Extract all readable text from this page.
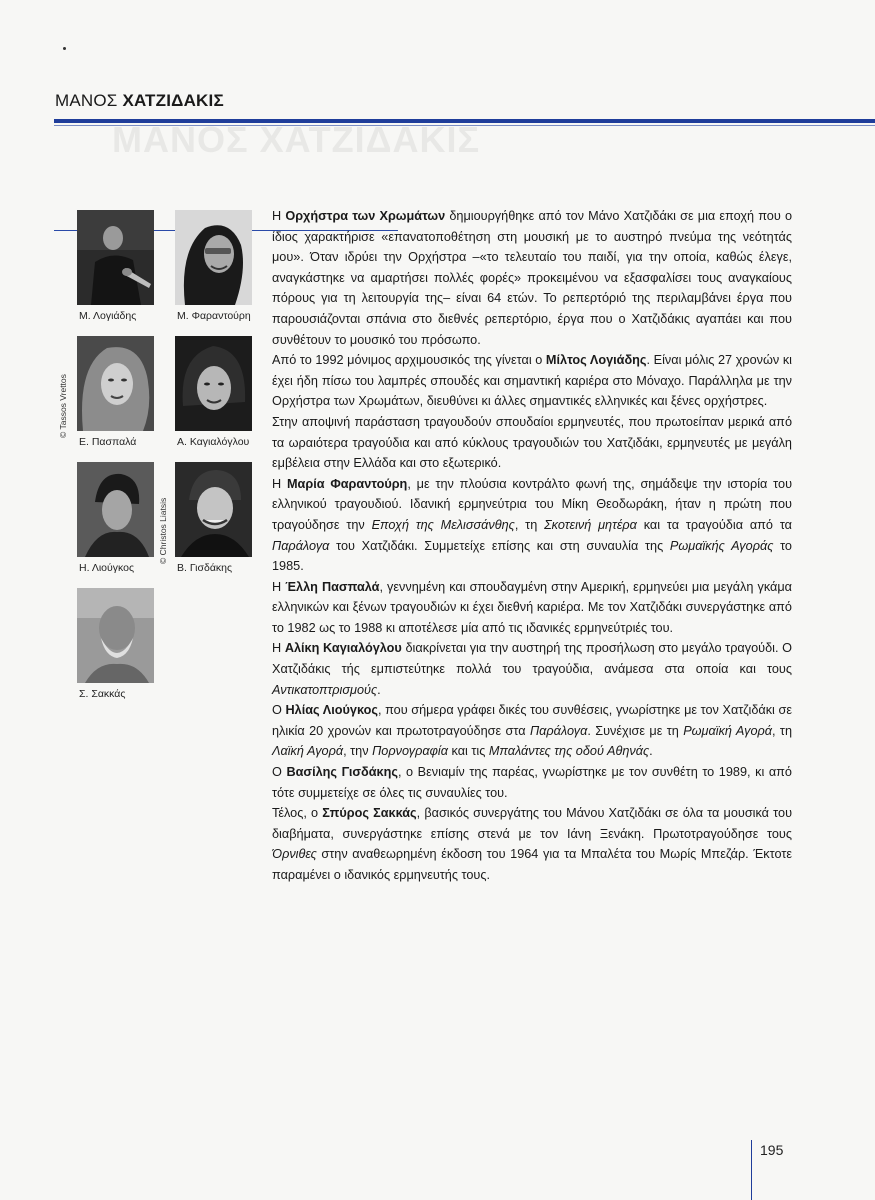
ΜΑΝΟΣ ΧΑΤΖΙΔΑΚΙΣ
ΜΑΝΟΣ ΧΑΤΖΙΔΑΚΙΣ
Μ. Λογιάδης	Μ. Φαραντούρη
Ε. Πασπαλά	Α. Καγιαλόγλου
Η. Λιούγκος	Β. Γισδάκης
Σ. Σακκάς
© Tassos Vrettos
© Christos Liatsis

Η Ορχήστρα των Χρωμάτων δημιουργήθηκε από τον Μάνο Χατζιδάκι σε μια εποχή που ο ίδιος χαρακτήρισε «επανατοποθέτηση στη μουσική με το αυστηρό πνεύμα της νεότητάς μου». Όταν ιδρύει την Ορχήστρα –«το τελευταίο του παιδί, για την οποία, καθώς έλεγε, αναγκάστηκε να αμαρτήσει πολλές φορές» προκειμένου να εξασφαλίσει τους αναγκαίους πόρους για τη λειτουργία της– είναι 64 ετών. Το ρεπερτόριό της περιλαμβάνει έργα που παρουσιάζονται σπάνια στο διεθνές ρεπερτόριο, έργα που ο Χατζιδάκις αγαπάει και που συνθέτουν το μουσικό του πρόσωπο.

Από το 1992 μόνιμος αρχιμουσικός της γίνεται ο Μίλτος Λογιάδης. Είναι μόλις 27 χρονών κι έχει ήδη πίσω του λαμπρές σπουδές και σημαντική καριέρα στο Μόναχο. Παράλληλα με την Ορχήστρα των Χρωμάτων, διευθύνει κι άλλες σημαντικές ελληνικές και ξένες ορχήστρες.

Στην αποψινή παράσταση τραγουδούν σπουδαίοι ερμηνευτές, που πρωτοείπαν μερικά από τα ωραιότερα τραγούδια και από κύκλους τραγουδιών του Χατζιδάκι, ερμηνευτές με μεγάλη εμβέλεια στην Ελλάδα και στο εξωτερικό.

Η Μαρία Φαραντούρη, με την πλούσια κοντράλτο φωνή της, σημάδεψε την ιστορία του ελληνικού τραγουδιού. Ιδανική ερμηνεύτρια του Μίκη Θεοδωράκη, ήταν η πρώτη που τραγούδησε την Εποχή της Μελισσάνθης, τη Σκοτεινή μητέρα και τα τραγούδια από τα Παράλογα του Χατζιδάκι. Συμμετείχε επίσης και στη συναυλία της Ρωμαϊκής Αγοράς το 1985.

Η Έλλη Πασπαλά, γεννημένη και σπουδαγμένη στην Αμερική, ερμηνεύει μια μεγάλη γκάμα ελληνικών και ξένων τραγουδιών κι έχει διεθνή καριέρα. Με τον Χατζιδάκι συνεργάστηκε από το 1982 ως το 1988 κι αποτέλεσε μία από τις ιδανικές ερμηνεύτριές του.

Η Αλίκη Καγιαλόγλου διακρίνεται για την αυστηρή της προσήλωση στο μεγάλο τραγούδι. Ο Χατζιδάκις τής εμπιστεύτηκε πολλά του τραγούδια, ανάμεσα στα οποία και τους Αντικατοπτρισμούς.

Ο Ηλίας Λιούγκος, που σήμερα γράφει δικές του συνθέσεις, γνωρίστηκε με τον Χατζιδάκι σε ηλικία 20 χρονών και πρωτοτραγούδησε στα Παράλογα. Συνέχισε με τη Ρωμαϊκή Αγορά, τη Λαϊκή Αγορά, την Πορνογραφία και τις Μπαλάντες της οδού Αθηνάς.

Ο Βασίλης Γισδάκης, ο Βενιαμίν της παρέας, γνωρίστηκε με τον συνθέτη το 1989, κι από τότε συμμετείχε σε όλες τις συναυλίες του.

Τέλος, ο Σπύρος Σακκάς, βασικός συνεργάτης του Μάνου Χατζιδάκι σε όλα τα μουσικά του διαβήματα, συνεργάστηκε επίσης στενά με τον Ιάνη Ξενάκη. Πρωτοτραγούδησε τους Όρνιθες στην αναθεωρημένη έκδοση του 1964 για τα Μπαλέτα του Μωρίς Μπεζάρ. Έκτοτε παραμένει ο ιδανικός ερμηνευτής τους.

195
